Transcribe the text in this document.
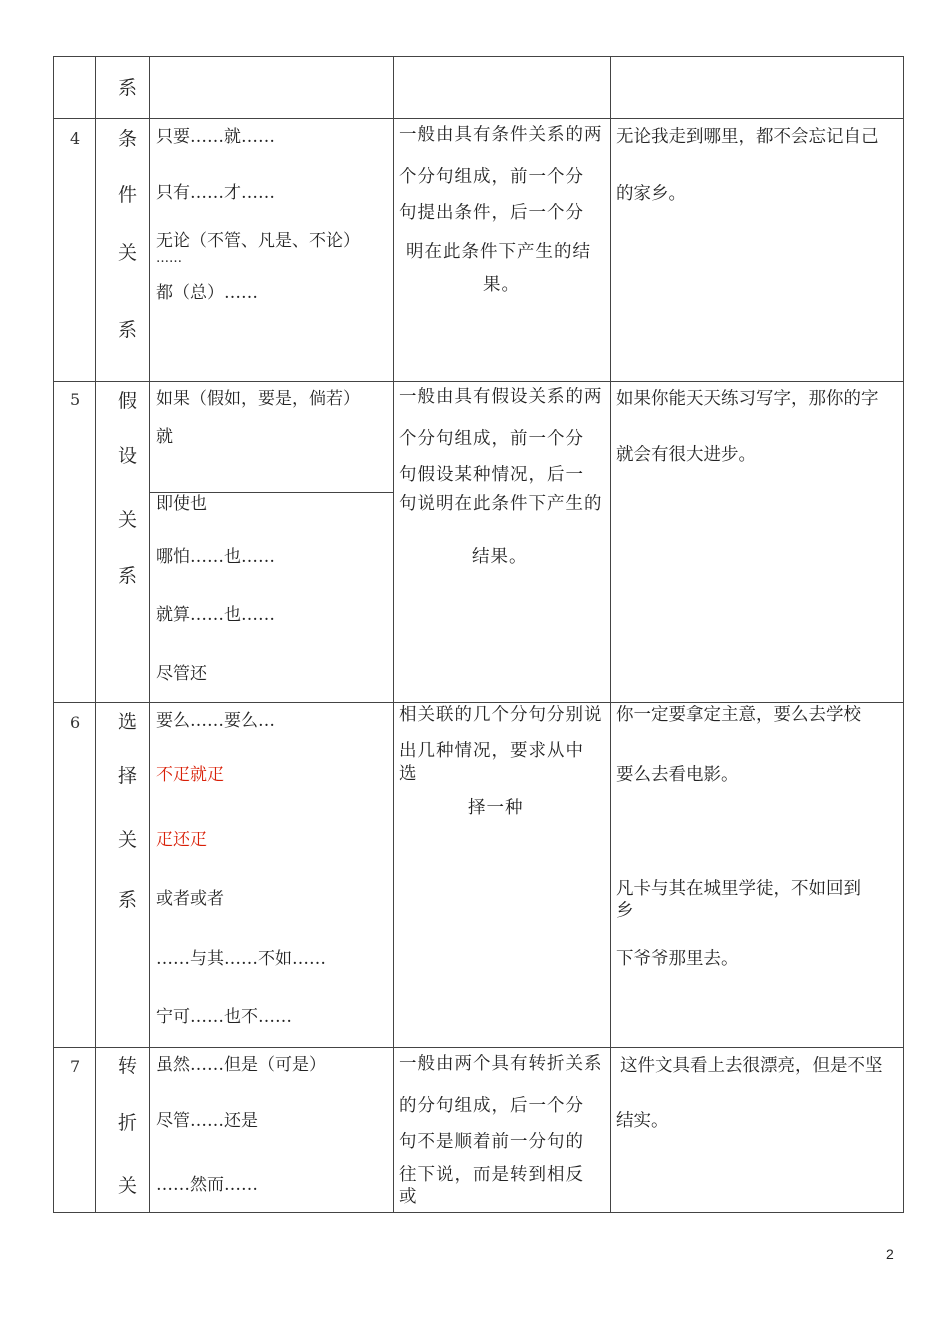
系
4 条
件
关
系
只要……就……
只有……才……
无论（不管、凡是、不论）
……
都（总）……
一般由具有条件关系的两
个分句组成，前一个分
句提出条件，后一个分
明在此条件下产生的结
果。
无论我走到哪里，都不会忘记自己
的家乡。
5 假
设
关
系
如果（假如，要是，倘若）
就
即使也
哪怕……也……
就算……也……
尽管还
一般由具有假设关系的两
个分句组成，前一个分
句假设某种情况，后一
句说明在此条件下产生的
结果。
如果你能天天练习写字，那你的字
就会有很大进步。
6 选
择
关
系
要么……要么…
不疋就疋
疋还疋
或者或者
……与其……不如……
宁可……也不……
相关联的几个分句分别说
出几种情况，要求从中
选
择一种
你一定要拿定主意，要么去学校
要么去看电影。
凡卡与其在城里学徒，不如回到
乡
下爷爷那里去。
7 转
折
关
虽然……但是（可是）
尽管……还是
……然而……
一般由两个具有转折关系
的分句组成，后一个分
句不是顺着前一分句的
往下说，而是转到相反
或
这件文具看上去很漂亮，但是不坚
结实。
2
